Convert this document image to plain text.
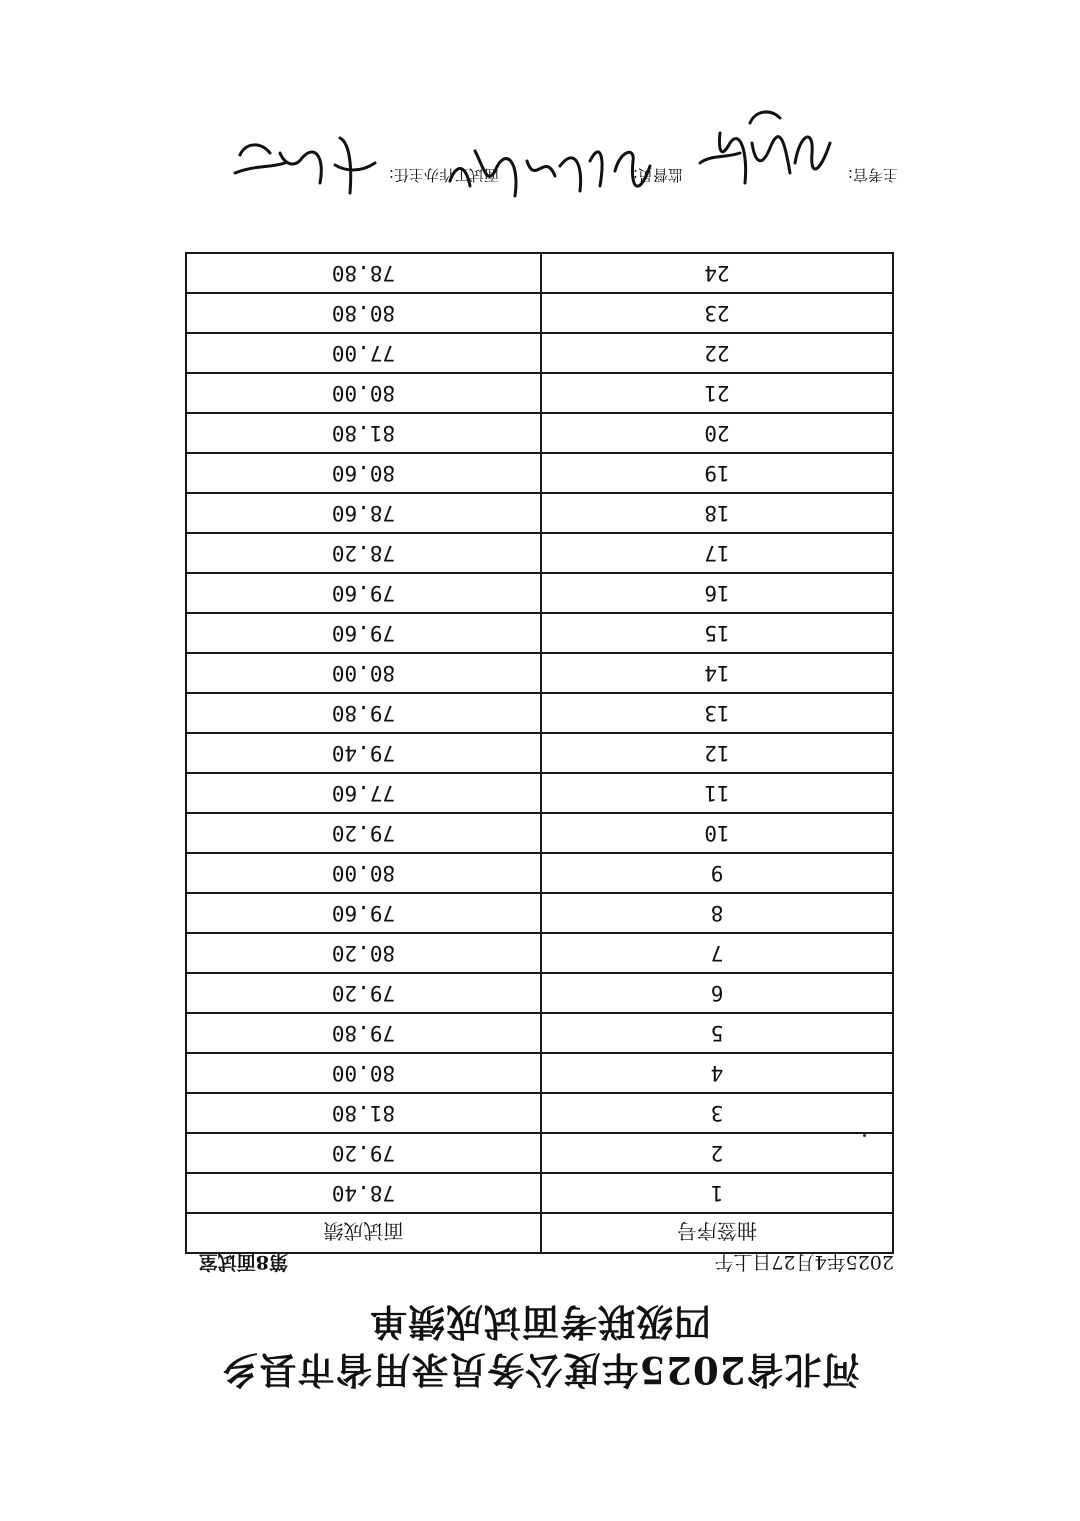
河北省2025年度公务员录用省市县乡
四级联考面试成绩单
2025年4月27日上午
第8面试室
抽签序号	面试成绩
1	78.40
2	79.20
3	81.80
4	80.00
5	79.80
6	79.20
7	80.20
8	79.60
9	80.00
10	79.20
11	77.60
12	79.40
13	79.80
14	80.00
15	79.60
16	79.60
17	78.20
18	78.60
19	80.60
20	81.80
21	80.00
22	77.00
23	80.80
24	78.80
主考官:
监督员:
面试工作办主任:
